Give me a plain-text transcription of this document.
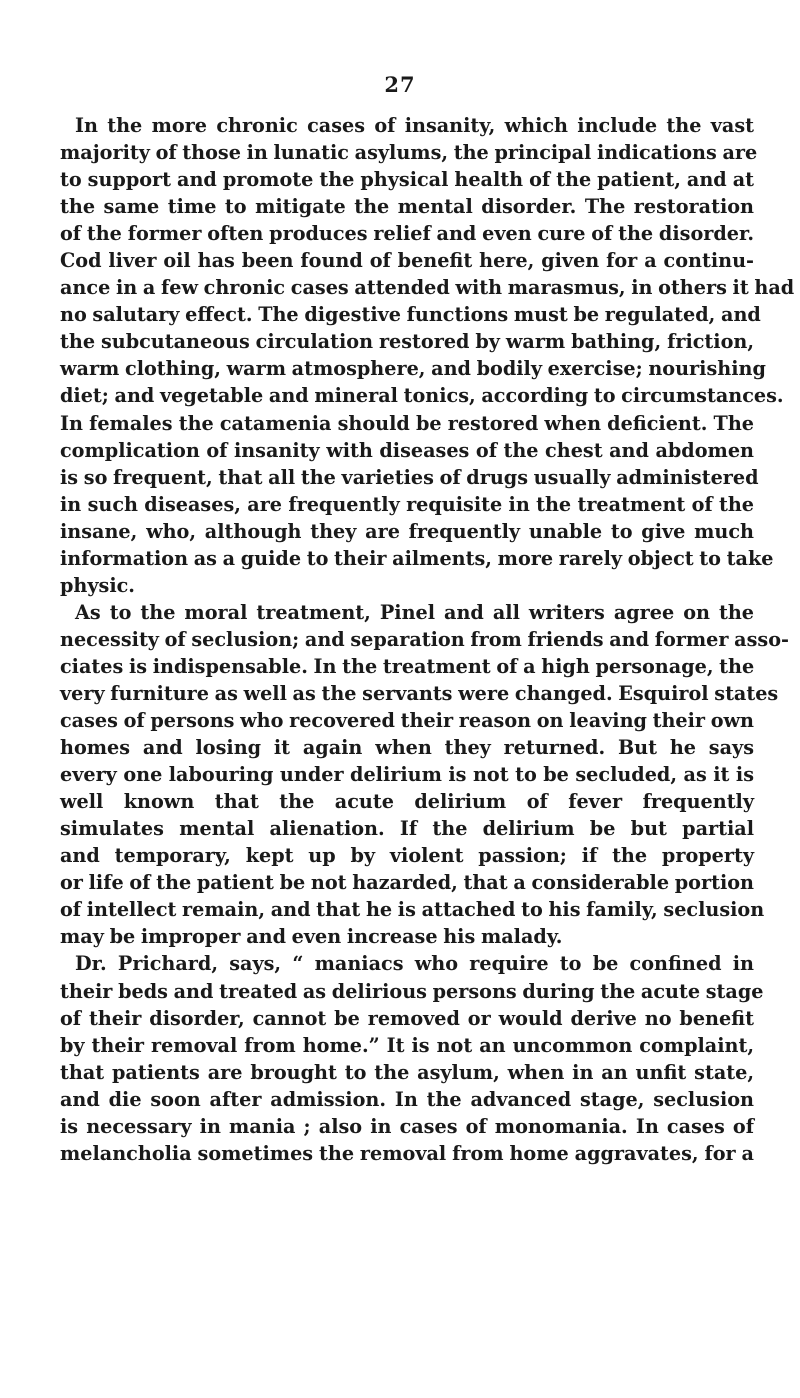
27
In the more chronic cases of insanity, which include the vast
majority of those in lunatic asylums, the principal indications are
to support and promote the physical health of the patient, and at
the same time to mitigate the mental disorder. The restoration
of the former often produces relief and even cure of the disorder.
Cod liver oil has been found of benefit here, given for a continu-
ance in a few chronic cases attended with marasmus, in others it had
no salutary effect. The digestive functions must be regulated, and
the subcutaneous circulation restored by warm bathing, friction,
warm clothing, warm atmosphere, and bodily exercise; nourishing
diet; and vegetable and mineral tonics, according to circumstances.
In females the catamenia should be restored when deficient. The
complication of insanity with diseases of the chest and abdomen
is so frequent, that all the varieties of drugs usually administered
in such diseases, are frequently requisite in the treatment of the
insane, who, although they are frequently unable to give much
information as a guide to their ailments, more rarely object to take
physic.
As to the moral treatment, Pinel and all writers agree on the
necessity of seclusion; and separation from friends and former asso-
ciates is indispensable. In the treatment of a high personage, the
very furniture as well as the servants were changed. Esquirol states
cases of persons who recovered their reason on leaving their own
homes and losing it again when they returned. But he says
every one labouring under delirium is not to be secluded, as it is
well known that the acute delirium of fever frequently
simulates mental alienation. If the delirium be but partial
and temporary, kept up by violent passion; if the property
or life of the patient be not hazarded, that a considerable portion
of intellect remain, and that he is attached to his family, seclusion
may be improper and even increase his malady.
Dr. Prichard, says, “ maniacs who require to be confined in
their beds and treated as delirious persons during the acute stage
of their disorder, cannot be removed or would derive no benefit
by their removal from home.” It is not an uncommon complaint,
that patients are brought to the asylum, when in an unfit state,
and die soon after admission. In the advanced stage, seclusion
is necessary in mania ; also in cases of monomania. In cases of
melancholia sometimes the removal from home aggravates, for a
